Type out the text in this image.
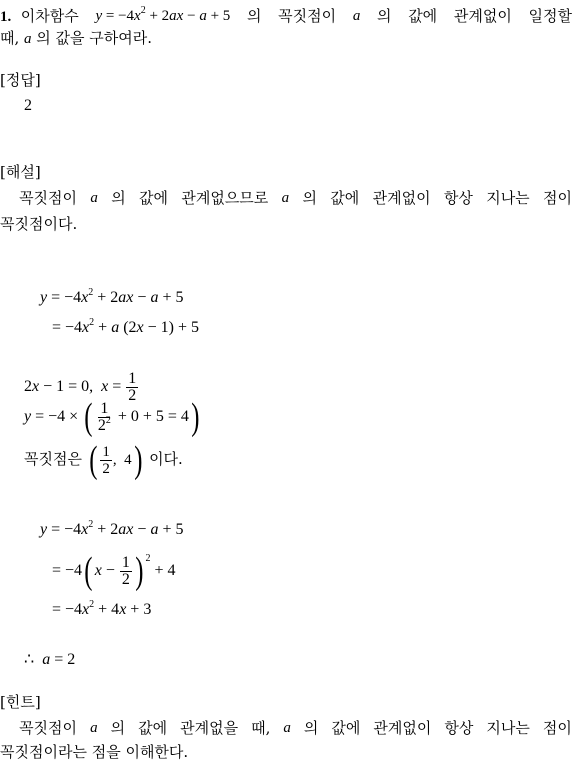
1.  이차함수 $y = -4x^2 + 2ax - a + 5$ 의 꼭짓점이 a 의 값에 관계없이 일정할
때, a 의 값을 구하여라.
[정답]
2
[해설]
꼭짓점이 a 의 값에 관계없으므로 a 의 값에 관계없이 항상 지나는 점이
꼭짓점이다.
$y = -4x^2 + 2ax - a + 5$
= $-4x^2 + a$ (2x − 1) + 5
2x − 1 = 0,  $x = \frac{1}{2}$
y = −4 × ( $\frac{1}{2^2} + 0 + 5 = 4$)
꼭짓점은 ( $\frac{1}{2}$ ,  4) 이다.
$y = -4x^2 + 2ax - a + 5$
= −4( $x - \frac{1}{2}$ ) $^2$ + 4
= $-4x^2 + 4x + 3$
∴  a = 2
[힌트]
꼭짓점이 a 의 값에 관계없을 때, a 의 값에 관계없이 항상 지나는 점이
꼭짓점이라는 점을 이해한다.
